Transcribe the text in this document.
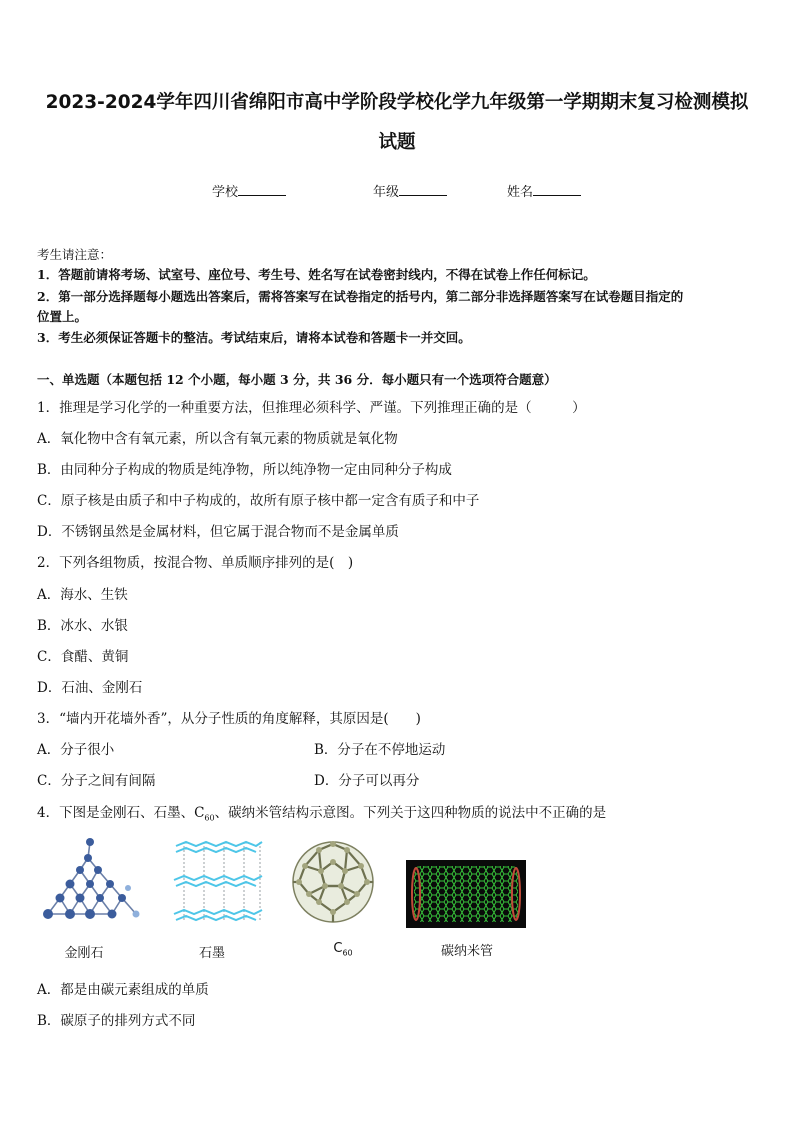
2023-2024学年四川省绵阳市高中学阶段学校化学九年级第一学期期末复习检测模拟
试题
学校	年级	姓名
考生请注意：
1．答题前请将考场、试室号、座位号、考生号、姓名写在试卷密封线内，不得在试卷上作任何标记。
2．第一部分选择题每小题选出答案后，需将答案写在试卷指定的括号内，第二部分非选择题答案写在试卷题目指定的
位置上。
3．考生必须保证答题卡的整洁。考试结束后，请将本试卷和答题卡一并交回。
一、单选题（本题包括 12 个小题，每小题 3 分，共 36 分．每小题只有一个选项符合题意）
1．推理是学习化学的一种重要方法，但推理必须科学、严谨。下列推理正确的是（　　　）
A．氧化物中含有氧元素，所以含有氧元素的物质就是氧化物
B．由同种分子构成的物质是纯净物，所以纯净物一定由同种分子构成
C．原子核是由质子和中子构成的，故所有原子核中都一定含有质子和中子
D．不锈钢虽然是金属材料，但它属于混合物而不是金属单质
2．下列各组物质，按混合物、单质顺序排列的是(　)
A．海水、生铁
B．冰水、水银
C．食醋、黄铜
D．石油、金刚石
3．“墙内开花墙外香”，从分子性质的角度解释，其原因是(　　)
A．分子很小	B．分子在不停地运动
C．分子之间有间隔	D．分子可以再分
4．下图是金刚石、石墨、$C_{60}$、碳纳米管结构示意图。下列关于这四种物质的说法中不正确的是
金刚石	石墨	$C_{60}$	碳纳米管
A．都是由碳元素组成的单质
B．碳原子的排列方式不同
